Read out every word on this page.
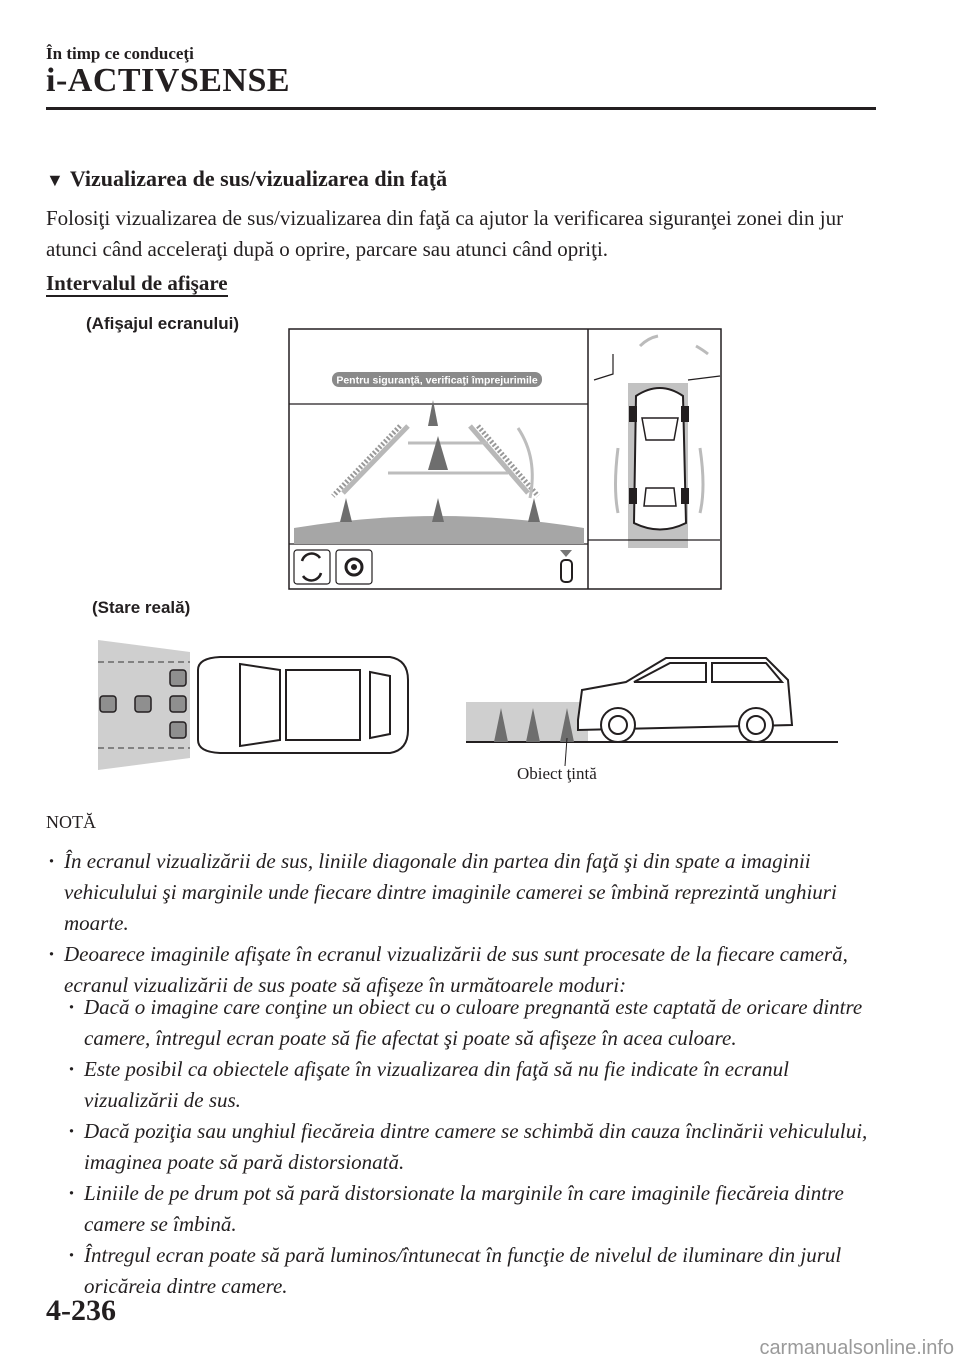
În timp ce conduceţi
i-ACTIVSENSE
▼ Vizualizarea de sus/vizualizarea din faţă
Folosiţi vizualizarea de sus/vizualizarea din faţă ca ajutor la verificarea siguranţei zonei din jur atunci când acceleraţi după o oprire, parcare sau atunci când opriţi.
Intervalul de afişare
(Afişajul ecranului)
Pentru siguranţă, verificaţi împrejurimile
(Stare reală)
Obiect ţintă
NOTĂ
· În ecranul vizualizării de sus, liniile diagonale din partea din faţă şi din spate a imaginii vehiculului şi marginile unde fiecare dintre imaginile camerei se îmbină reprezintă unghiuri moarte.
· Deoarece imaginile afişate în ecranul vizualizării de sus sunt procesate de la fiecare cameră, ecranul vizualizării de sus poate să afişeze în următoarele moduri:
· Dacă o imagine care conţine un obiect cu o culoare pregnantă este captată de oricare dintre camere, întregul ecran poate să fie afectat şi poate să afişeze în acea culoare.
· Este posibil ca obiectele afişate în vizualizarea din faţă să nu fie indicate în ecranul vizualizării de sus.
· Dacă poziţia sau unghiul fiecăreia dintre camere se schimbă din cauza înclinării vehiculului, imaginea poate să pară distorsionată.
· Liniile de pe drum pot să pară distorsionate la marginile în care imaginile fiecăreia dintre camere se îmbină.
· Întregul ecran poate să pară luminos/întunecat în funcţie de nivelul de iluminare din jurul oricăreia dintre camere.
4-236
carmanualsonline.info
